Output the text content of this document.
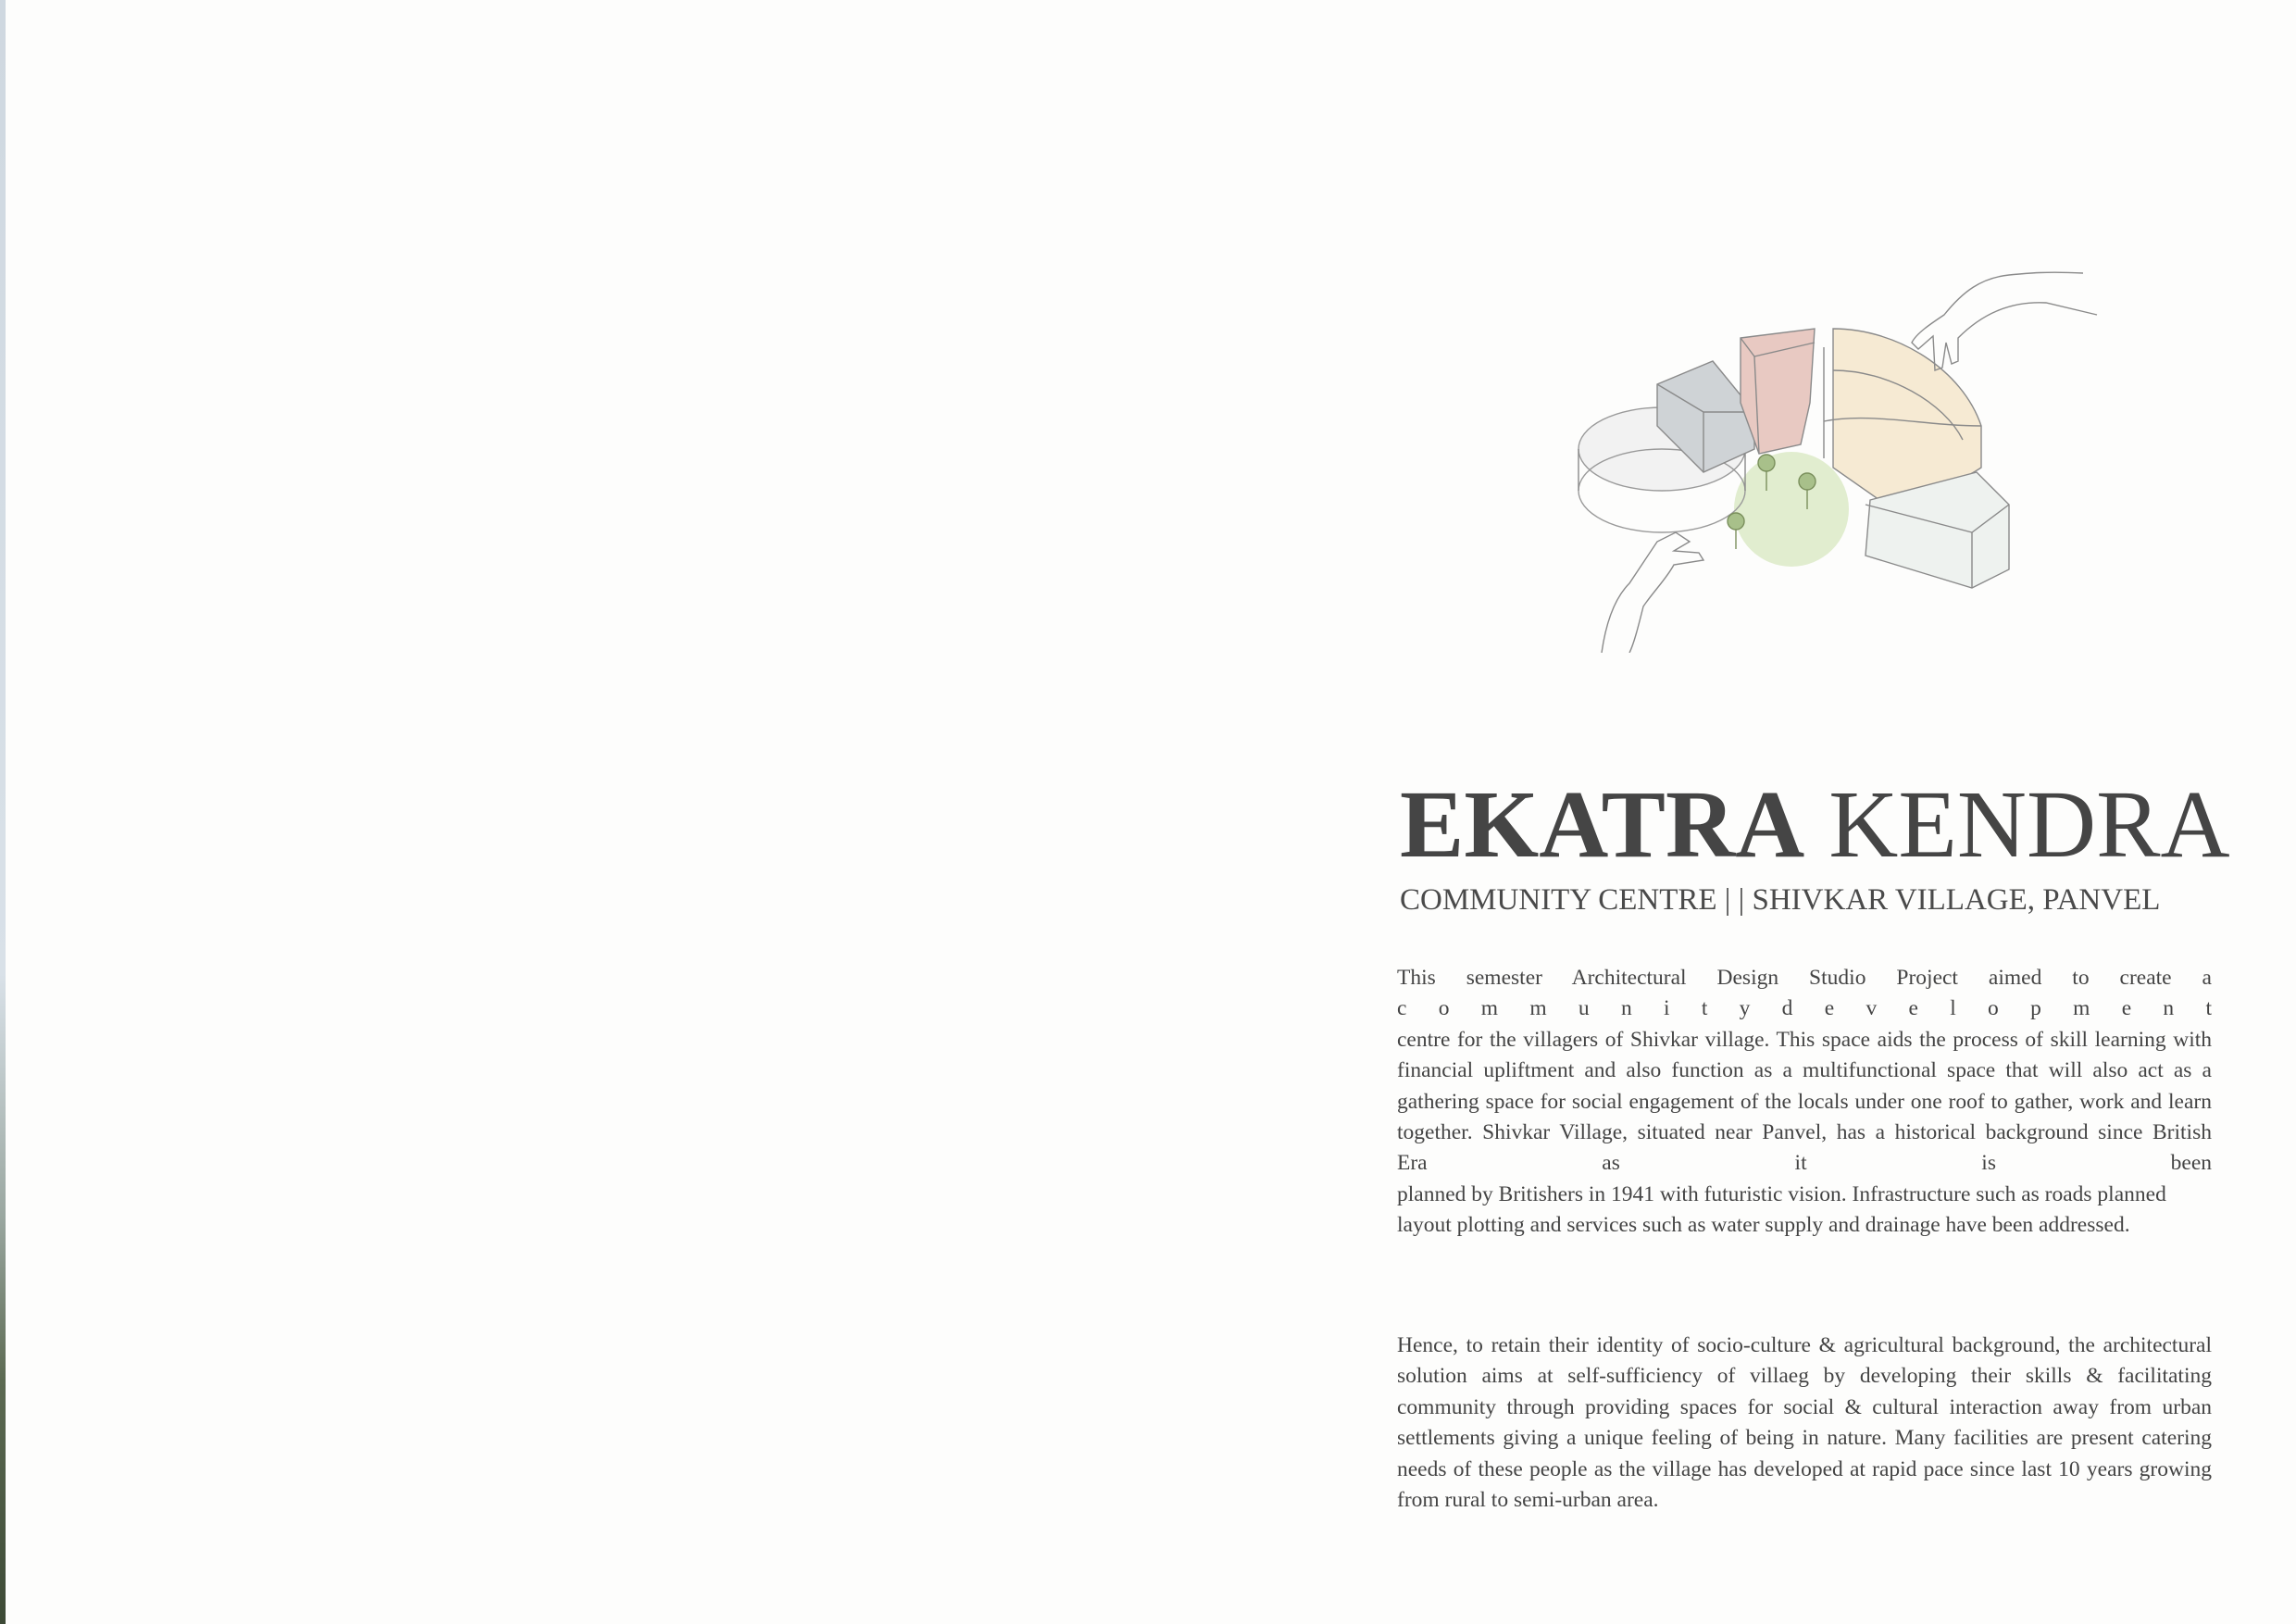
EKATRA KENDRA
COMMUNITY CENTRE | | SHIVKAR VILLAGE, PANVEL
This semester Architectural Design Studio Project aimed to create a
c o m m u n i t y d e v e l o p m e n t
centre for the villagers of Shivkar village. This space aids the process of skill learning with financial upliftment and also function as a multifunctional space that will also act as a gathering space for social engagement of the locals under one roof to gather, work and learn together. Shivkar Village, situated near Panvel, has a historical background since British
Era as it is been
planned by Britishers in 1941 with futuristic vision. Infrastructure such as roads planned layout plotting and services such as water supply and drainage have been addressed.
Hence, to retain their identity of socio-culture & agricultural background, the architectural solution aims at self-sufficiency of villaeg by developing their skills & facilitating community through providing spaces for social & cultural interaction away from urban settlements giving a unique feeling of being in nature. Many facilities are present catering needs of these people as the village has developed at rapid pace since last 10 years growing from rural to semi-urban area.
